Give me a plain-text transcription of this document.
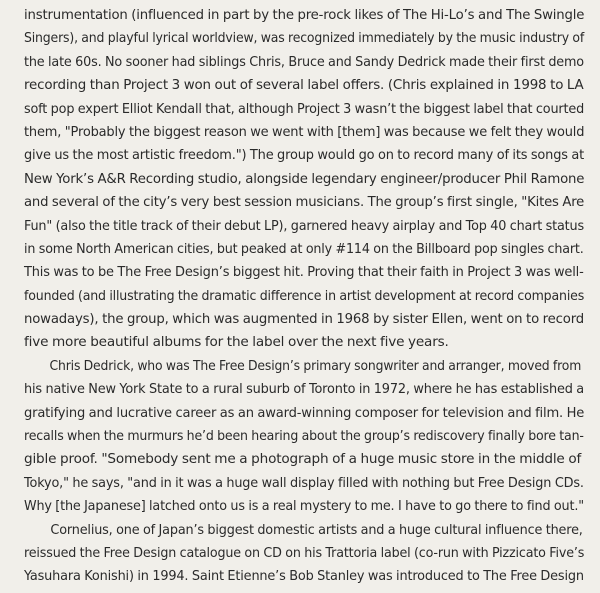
instrumentation (influenced in part by the pre-rock likes of The Hi-Lo’s and The Swingle
Singers), and playful lyrical worldview, was recognized immediately by the music industry of
the late 60s. No sooner had siblings Chris, Bruce and Sandy Dedrick made their first demo
recording than Project 3 won out of several label offers. (Chris explained in 1998 to LA
soft pop expert Elliot Kendall that, although Project 3 wasn’t the biggest label that courted
them, "Probably the biggest reason we went with [them] was because we felt they would
give us the most artistic freedom.") The group would go on to record many of its songs at
New York’s A&R Recording studio, alongside legendary engineer/producer Phil Ramone
and several of the city’s very best session musicians. The group’s first single, "Kites Are
Fun" (also the title track of their debut LP), garnered heavy airplay and Top 40 chart status
in some North American cities, but peaked at only #114 on the Billboard pop singles chart.
This was to be The Free Design’s biggest hit. Proving that their faith in Project 3 was well-
founded (and illustrating the dramatic difference in artist development at record companies
nowadays), the group, which was augmented in 1968 by sister Ellen, went on to record
five more beautiful albums for the label over the next five years.
Chris Dedrick, who was The Free Design’s primary songwriter and arranger, moved from
his native New York State to a rural suburb of Toronto in 1972, where he has established a
gratifying and lucrative career as an award-winning composer for television and film. He
recalls when the murmurs he’d been hearing about the group’s rediscovery finally bore tan-
gible proof. "Somebody sent me a photograph of a huge music store in the middle of
Tokyo," he says, "and in it was a huge wall display filled with nothing but Free Design CDs.
Why [the Japanese] latched onto us is a real mystery to me. I have to go there to find out."
Cornelius, one of Japan’s biggest domestic artists and a huge cultural influence there,
reissued the Free Design catalogue on CD on his Trattoria label (co-run with Pizzicato Five’s
Yasuhara Konishi) in 1994. Saint Etienne’s Bob Stanley was introduced to The Free Design
